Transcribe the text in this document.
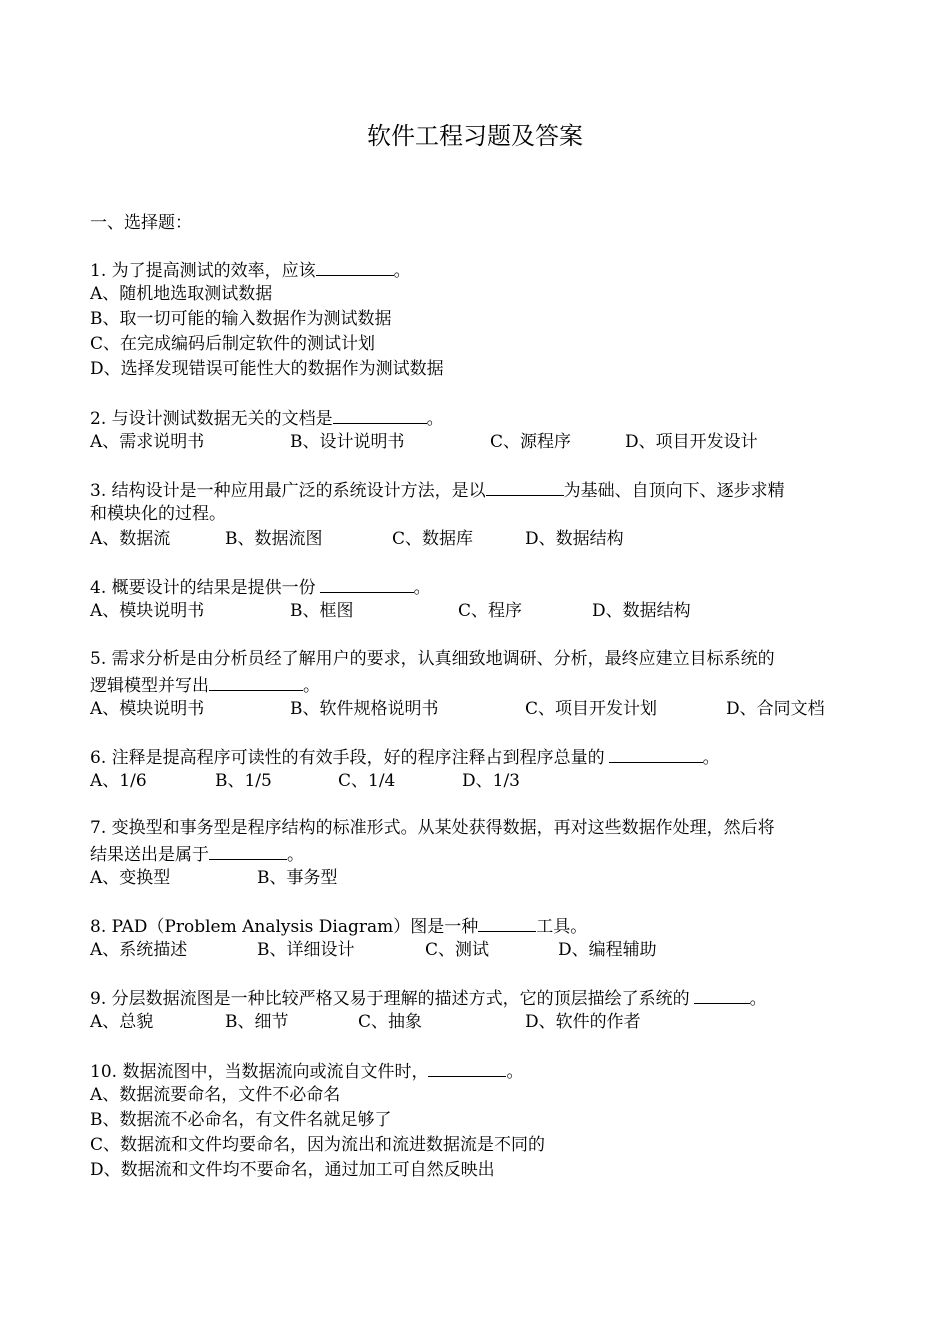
软件工程习题及答案
一、选择题：
1. 为了提高测试的效率，应该	。
A、随机地选取测试数据
B、取一切可能的输入数据作为测试数据
C、在完成编码后制定软件的测试计划
D、选择发现错误可能性大的数据作为测试数据
2. 与设计测试数据无关的文档是	。
A、需求说明书	B、设计说明书	C、源程序	D、项目开发设计
3. 结构设计是一种应用最广泛的系统设计方法，是以	为基础、自顶向下、逐步求精
和模块化的过程。
A、数据流	B、数据流图	C、数据库	D、数据结构
4. 概要设计的结果是提供一份	。
A、模块说明书	B、框图	C、程序	D、数据结构
5. 需求分析是由分析员经了解用户的要求，认真细致地调研、分析，最终应建立目标系统的
逻辑模型并写出	。
A、模块说明书	B、软件规格说明书	C、项目开发计划	D、合同文档
6. 注释是提高程序可读性的有效手段，好的程序注释占到程序总量的	。
A、1/6	B、1/5	C、1/4	D、1/3
7. 变换型和事务型是程序结构的标准形式。从某处获得数据，再对这些数据作处理，然后将
结果送出是属于	。
A、变换型	B、事务型
8. PAD（Problem Analysis Diagram）图是一种	工具。
A、系统描述	B、详细设计	C、测试	D、编程辅助
9. 分层数据流图是一种比较严格又易于理解的描述方式，它的顶层描绘了系统的	。
A、总貌	B、细节	C、抽象	D、软件的作者
10. 数据流图中，当数据流向或流自文件时，	。
A、数据流要命名，文件不必命名
B、数据流不必命名，有文件名就足够了
C、数据流和文件均要命名，因为流出和流进数据流是不同的
D、数据流和文件均不要命名，通过加工可自然反映出
